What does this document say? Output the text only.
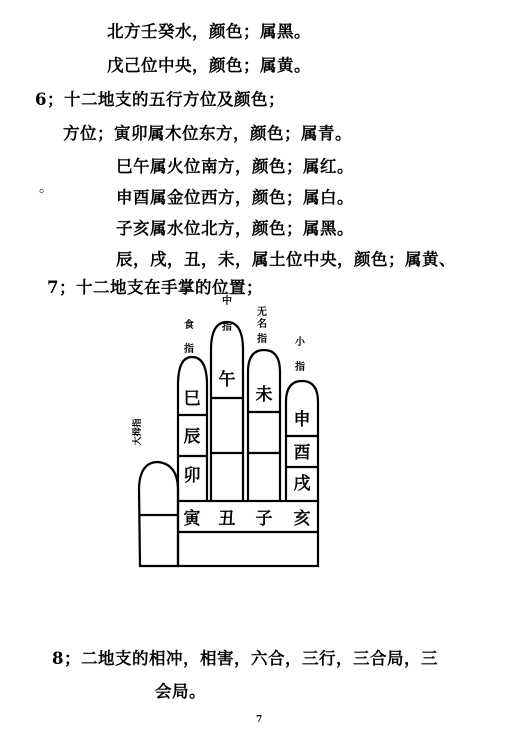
北方壬癸水，颜色；属黑。
戊己位中央，颜色；属黄。
6；十二地支的五行方位及颜色；
方位；寅卯属木位东方，颜色；属青。
巳午属火位南方，颜色；属红。
。	申酉属金位西方，颜色；属白。
子亥属水位北方，颜色；属黑。
辰，戌，丑，未，属土位中央，颜色；属黄、
7；十二地支在手掌的位置；
大拇指
食
指
中
指
无
名
指	小
指
巳
辰
卯
午
未
申
酉
戌
寅 丑 子 亥
8；二地支的相冲，相害，六合，三行，三合局，三
会局。
7
